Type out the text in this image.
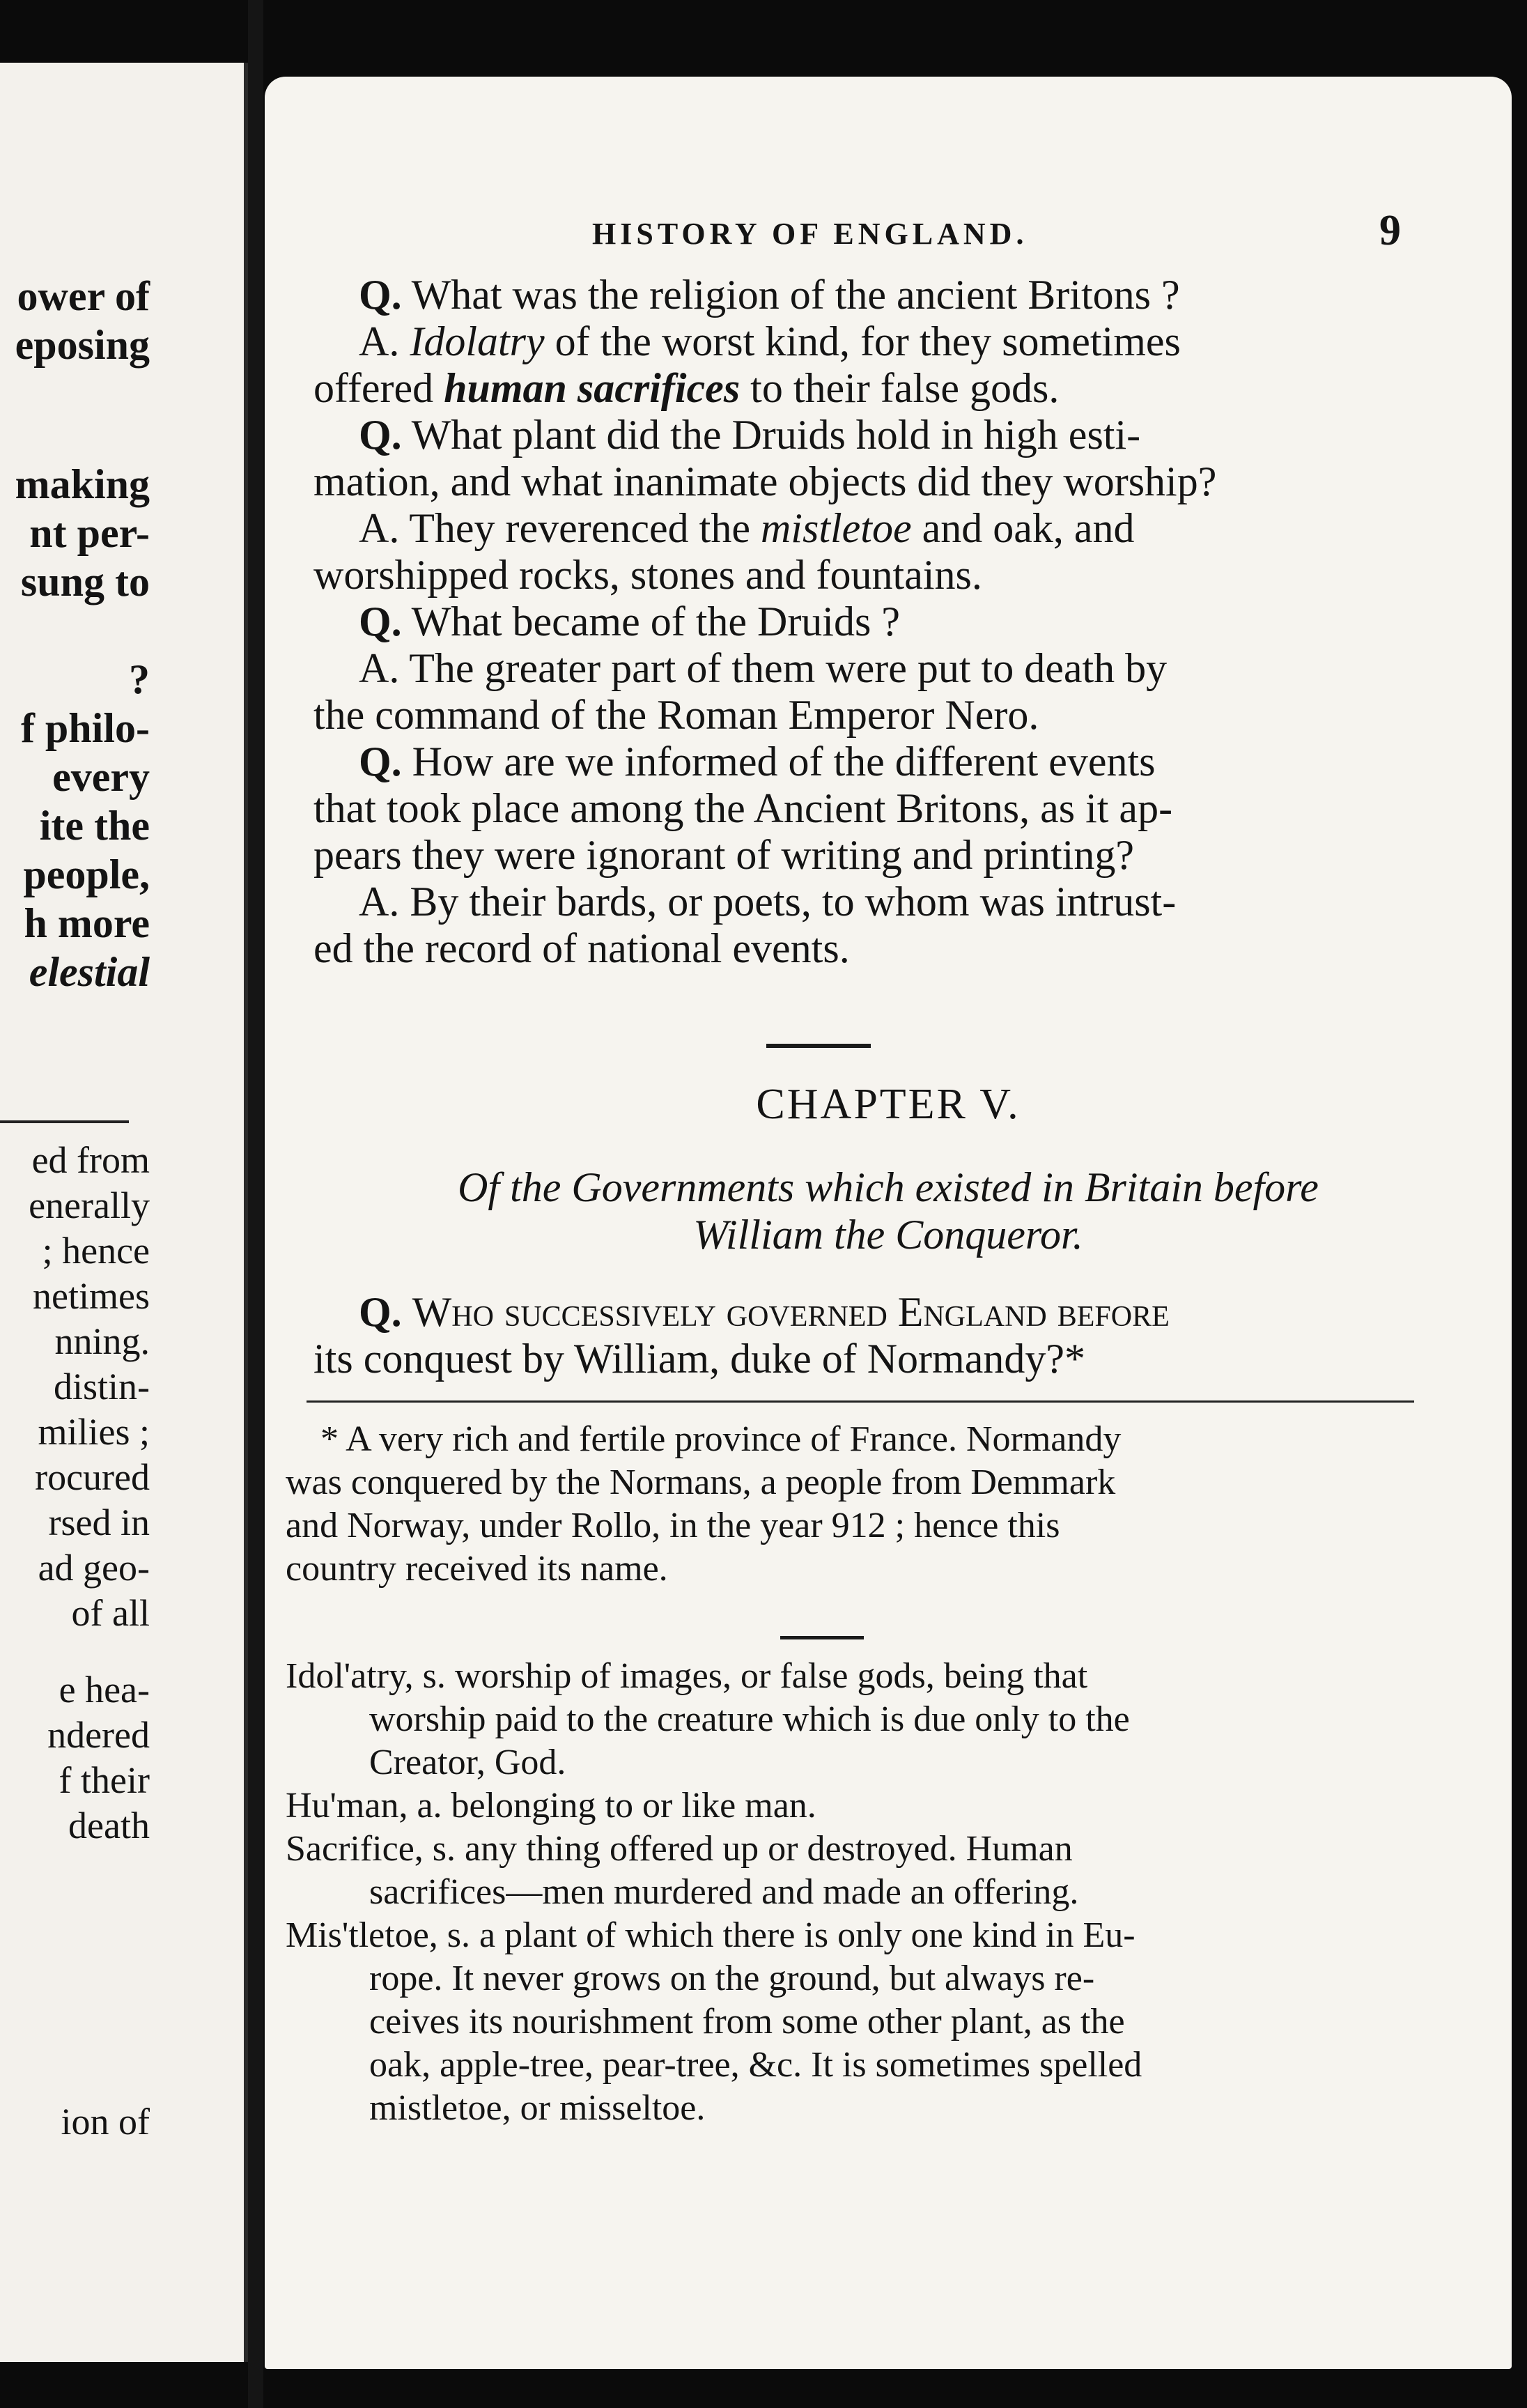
ower of
eposing
making
nt per-
sung to
?
f philo-
every
ite the
people,
h more
elestial
ed from
enerally
; hence
netimes
nning.
distin-
milies ;
rocured
rsed in
ad geo-
of all
e hea-
ndered
f their
death
ion of
HISTORY OF ENGLAND.	9
Q. What was the religion of the ancient Britons ?
A. Idolatry of the worst kind, for they sometimes
offered human sacrifices to their false gods.
Q. What plant did the Druids hold in high esti-
mation, and what inanimate objects did they worship?
A. They reverenced the mistletoe and oak, and
worshipped rocks, stones and fountains.
Q. What became of the Druids ?
A. The greater part of them were put to death by
the command of the Roman Emperor Nero.
Q. How are we informed of the different events
that took place among the Ancient Britons, as it ap-
pears they were ignorant of writing and printing?
A. By their bards, or poets, to whom was intrust-
ed the record of national events.
CHAPTER V.
Of the Governments which existed in Britain before
William the Conqueror.
Q. Who successively governed England before
its conquest by William, duke of Normandy?*
* A very rich and fertile province of France. Normandy
was conquered by the Normans, a people from Demmark
and Norway, under Rollo, in the year 912 ; hence this
country received its name.
Idol'atry, s. worship of images, or false gods, being that
worship paid to the creature which is due only to the
Creator, God.
Hu'man, a. belonging to or like man.
Sacrifice, s. any thing offered up or destroyed. Human
sacrifices—men murdered and made an offering.
Mis'tletoe, s. a plant of which there is only one kind in Eu-
rope. It never grows on the ground, but always re-
ceives its nourishment from some other plant, as the
oak, apple-tree, pear-tree, &c. It is sometimes spelled
mistletoe, or misseltoe.
